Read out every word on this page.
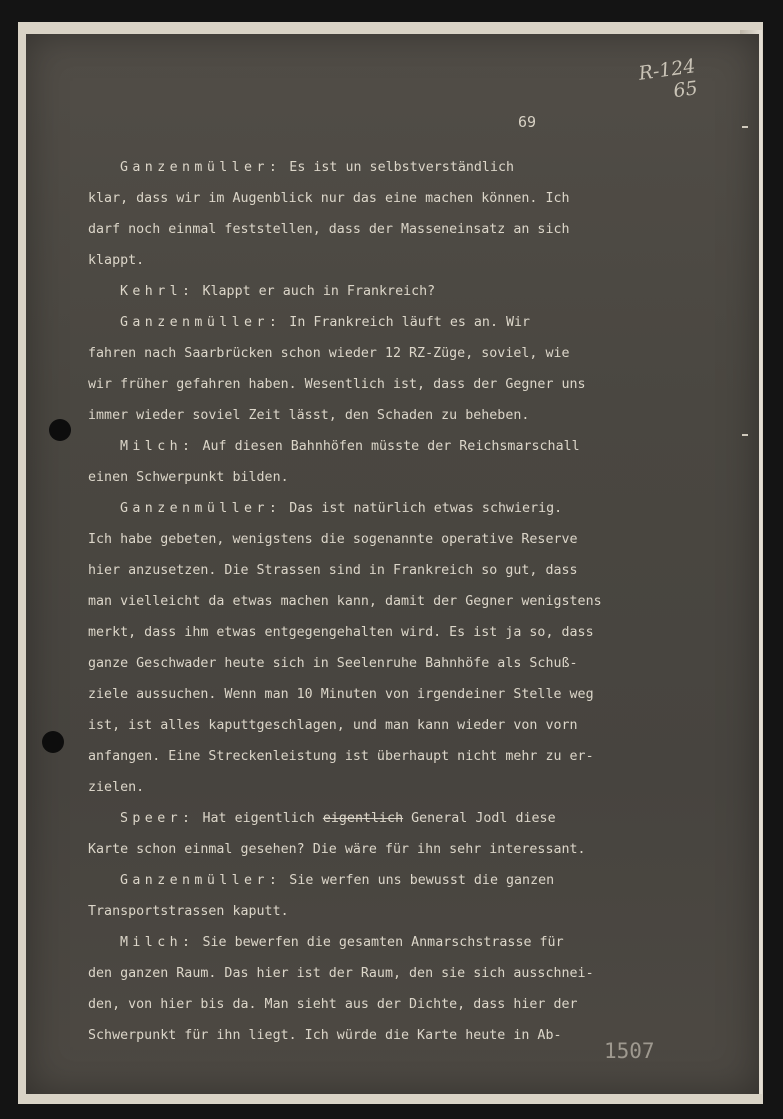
R-124
65
69
Ganzenmüller: Es ist un selbstverständlich
klar, dass wir im Augenblick nur das eine machen können. Ich
darf noch einmal feststellen, dass der Masseneinsatz an sich
klappt.
Kehrl: Klappt er auch in Frankreich?
Ganzenmüller: In Frankreich läuft es an. Wir
fahren nach Saarbrücken schon wieder 12 RZ-Züge, soviel, wie
wir früher gefahren haben. Wesentlich ist, dass der Gegner uns
immer wieder soviel Zeit lässt, den Schaden zu beheben.
Milch: Auf diesen Bahnhöfen müsste der Reichsmarschall
einen Schwerpunkt bilden.
Ganzenmüller: Das ist natürlich etwas schwierig.
Ich habe gebeten, wenigstens die sogenannte operative Reserve
hier anzusetzen. Die Strassen sind in Frankreich so gut, dass
man vielleicht da etwas machen kann, damit der Gegner wenigstens
merkt, dass ihm etwas entgegengehalten wird. Es ist ja so, dass
ganze Geschwader heute sich in Seelenruhe Bahnhöfe als Schuß-
ziele aussuchen. Wenn man 10 Minuten von irgendeiner Stelle weg
ist, ist alles kaputtgeschlagen, und man kann wieder von vorn
anfangen. Eine Streckenleistung ist überhaupt nicht mehr zu er-
zielen.
Speer: Hat eigentlich eigentlich General Jodl diese
Karte schon einmal gesehen? Die wäre für ihn sehr interessant.
Ganzenmüller: Sie werfen uns bewusst die ganzen
Transportstrassen kaputt.
Milch: Sie bewerfen die gesamten Anmarschstrasse für
den ganzen Raum. Das hier ist der Raum, den sie sich ausschnei-
den, von hier bis da. Man sieht aus der Dichte, dass hier der
Schwerpunkt für ihn liegt. Ich würde die Karte heute in Ab-
1507
